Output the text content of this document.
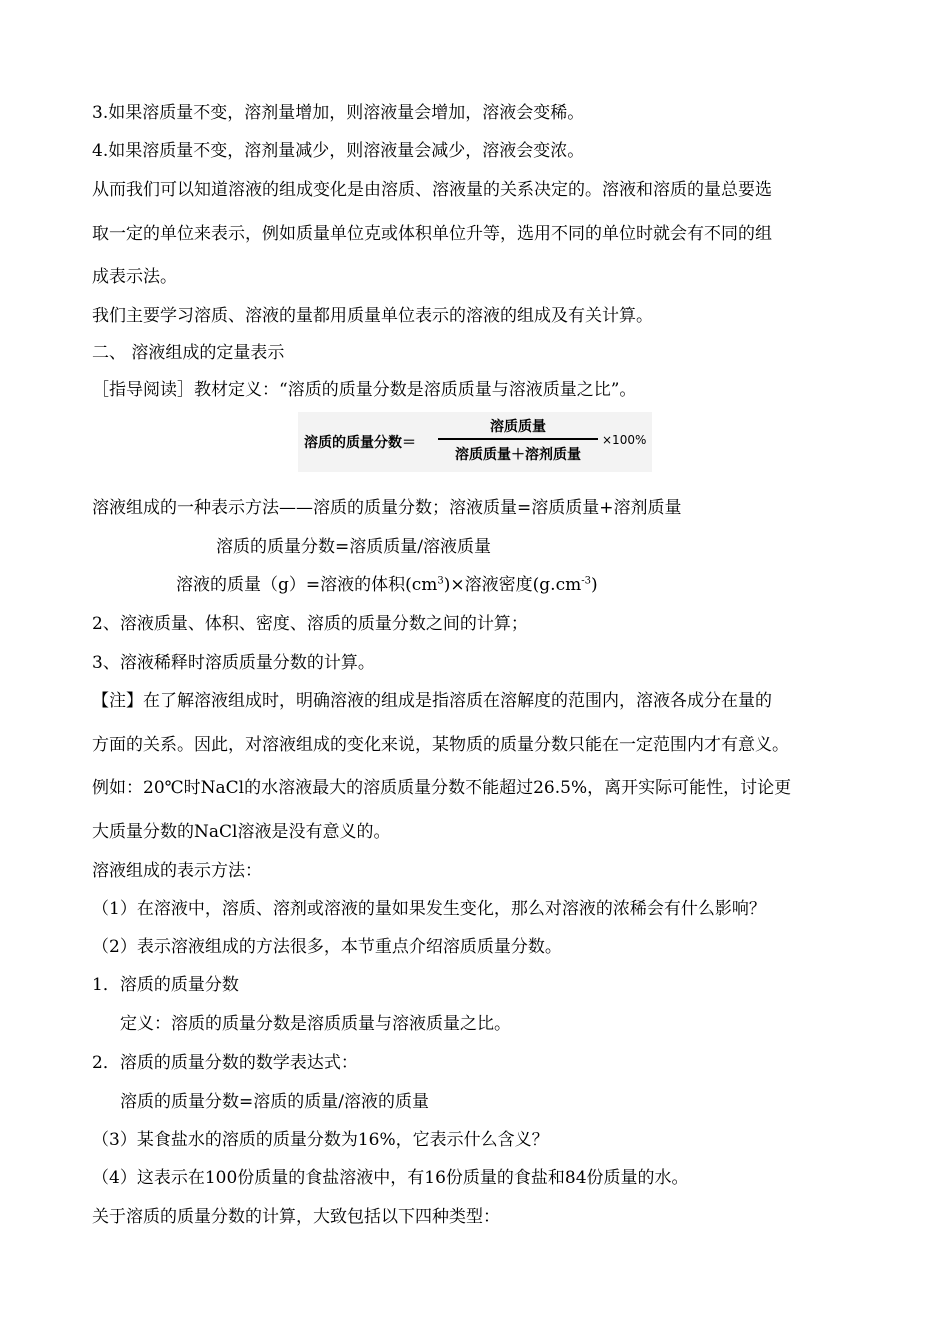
3.如果溶质量不变，溶剂量增加，则溶液量会增加，溶液会变稀。
4.如果溶质量不变，溶剂量减少，则溶液量会减少，溶液会变浓。
从而我们可以知道溶液的组成变化是由溶质、溶液量的关系决定的。溶液和溶质的量总要选
取一定的单位来表示，例如质量单位克或体积单位升等，选用不同的单位时就会有不同的组
成表示法。
我们主要学习溶质、溶液的量都用质量单位表示的溶液的组成及有关计算。
二、 溶液组成的定量表示
［指导阅读］教材定义：“溶质的质量分数是溶质质量与溶液质量之比”。
溶质的质量分数＝
溶质质量
溶质质量＋溶剂质量
×100%
溶液组成的一种表示方法——溶质的质量分数；溶液质量=溶质质量+溶剂质量
溶质的质量分数=溶质质量/溶液质量
溶液的质量（g）=溶液的体积$(cm^3)\times$溶液密度$(g.cm^{-3})$
2、溶液质量、体积、密度、溶质的质量分数之间的计算；
3、溶液稀释时溶质质量分数的计算。
【注】在了解溶液组成时，明确溶液的组成是指溶质在溶解度的范围内，溶液各成分在量的
方面的关系。因此，对溶液组成的变化来说，某物质的质量分数只能在一定范围内才有意义。
例如：20℃时NaCl的水溶液最大的溶质质量分数不能超过26.5%，离开实际可能性，讨论更
大质量分数的NaCl溶液是没有意义的。
溶液组成的表示方法：
（1）在溶液中，溶质、溶剂或溶液的量如果发生变化，那么对溶液的浓稀会有什么影响？
（2）表示溶液组成的方法很多，本节重点介绍溶质质量分数。
1．溶质的质量分数
定义：溶质的质量分数是溶质质量与溶液质量之比。
2．溶质的质量分数的数学表达式：
溶质的质量分数=溶质的质量/溶液的质量
（3）某食盐水的溶质的质量分数为16%，它表示什么含义？
（4）这表示在100份质量的食盐溶液中，有16份质量的食盐和84份质量的水。
关于溶质的质量分数的计算，大致包括以下四种类型：
